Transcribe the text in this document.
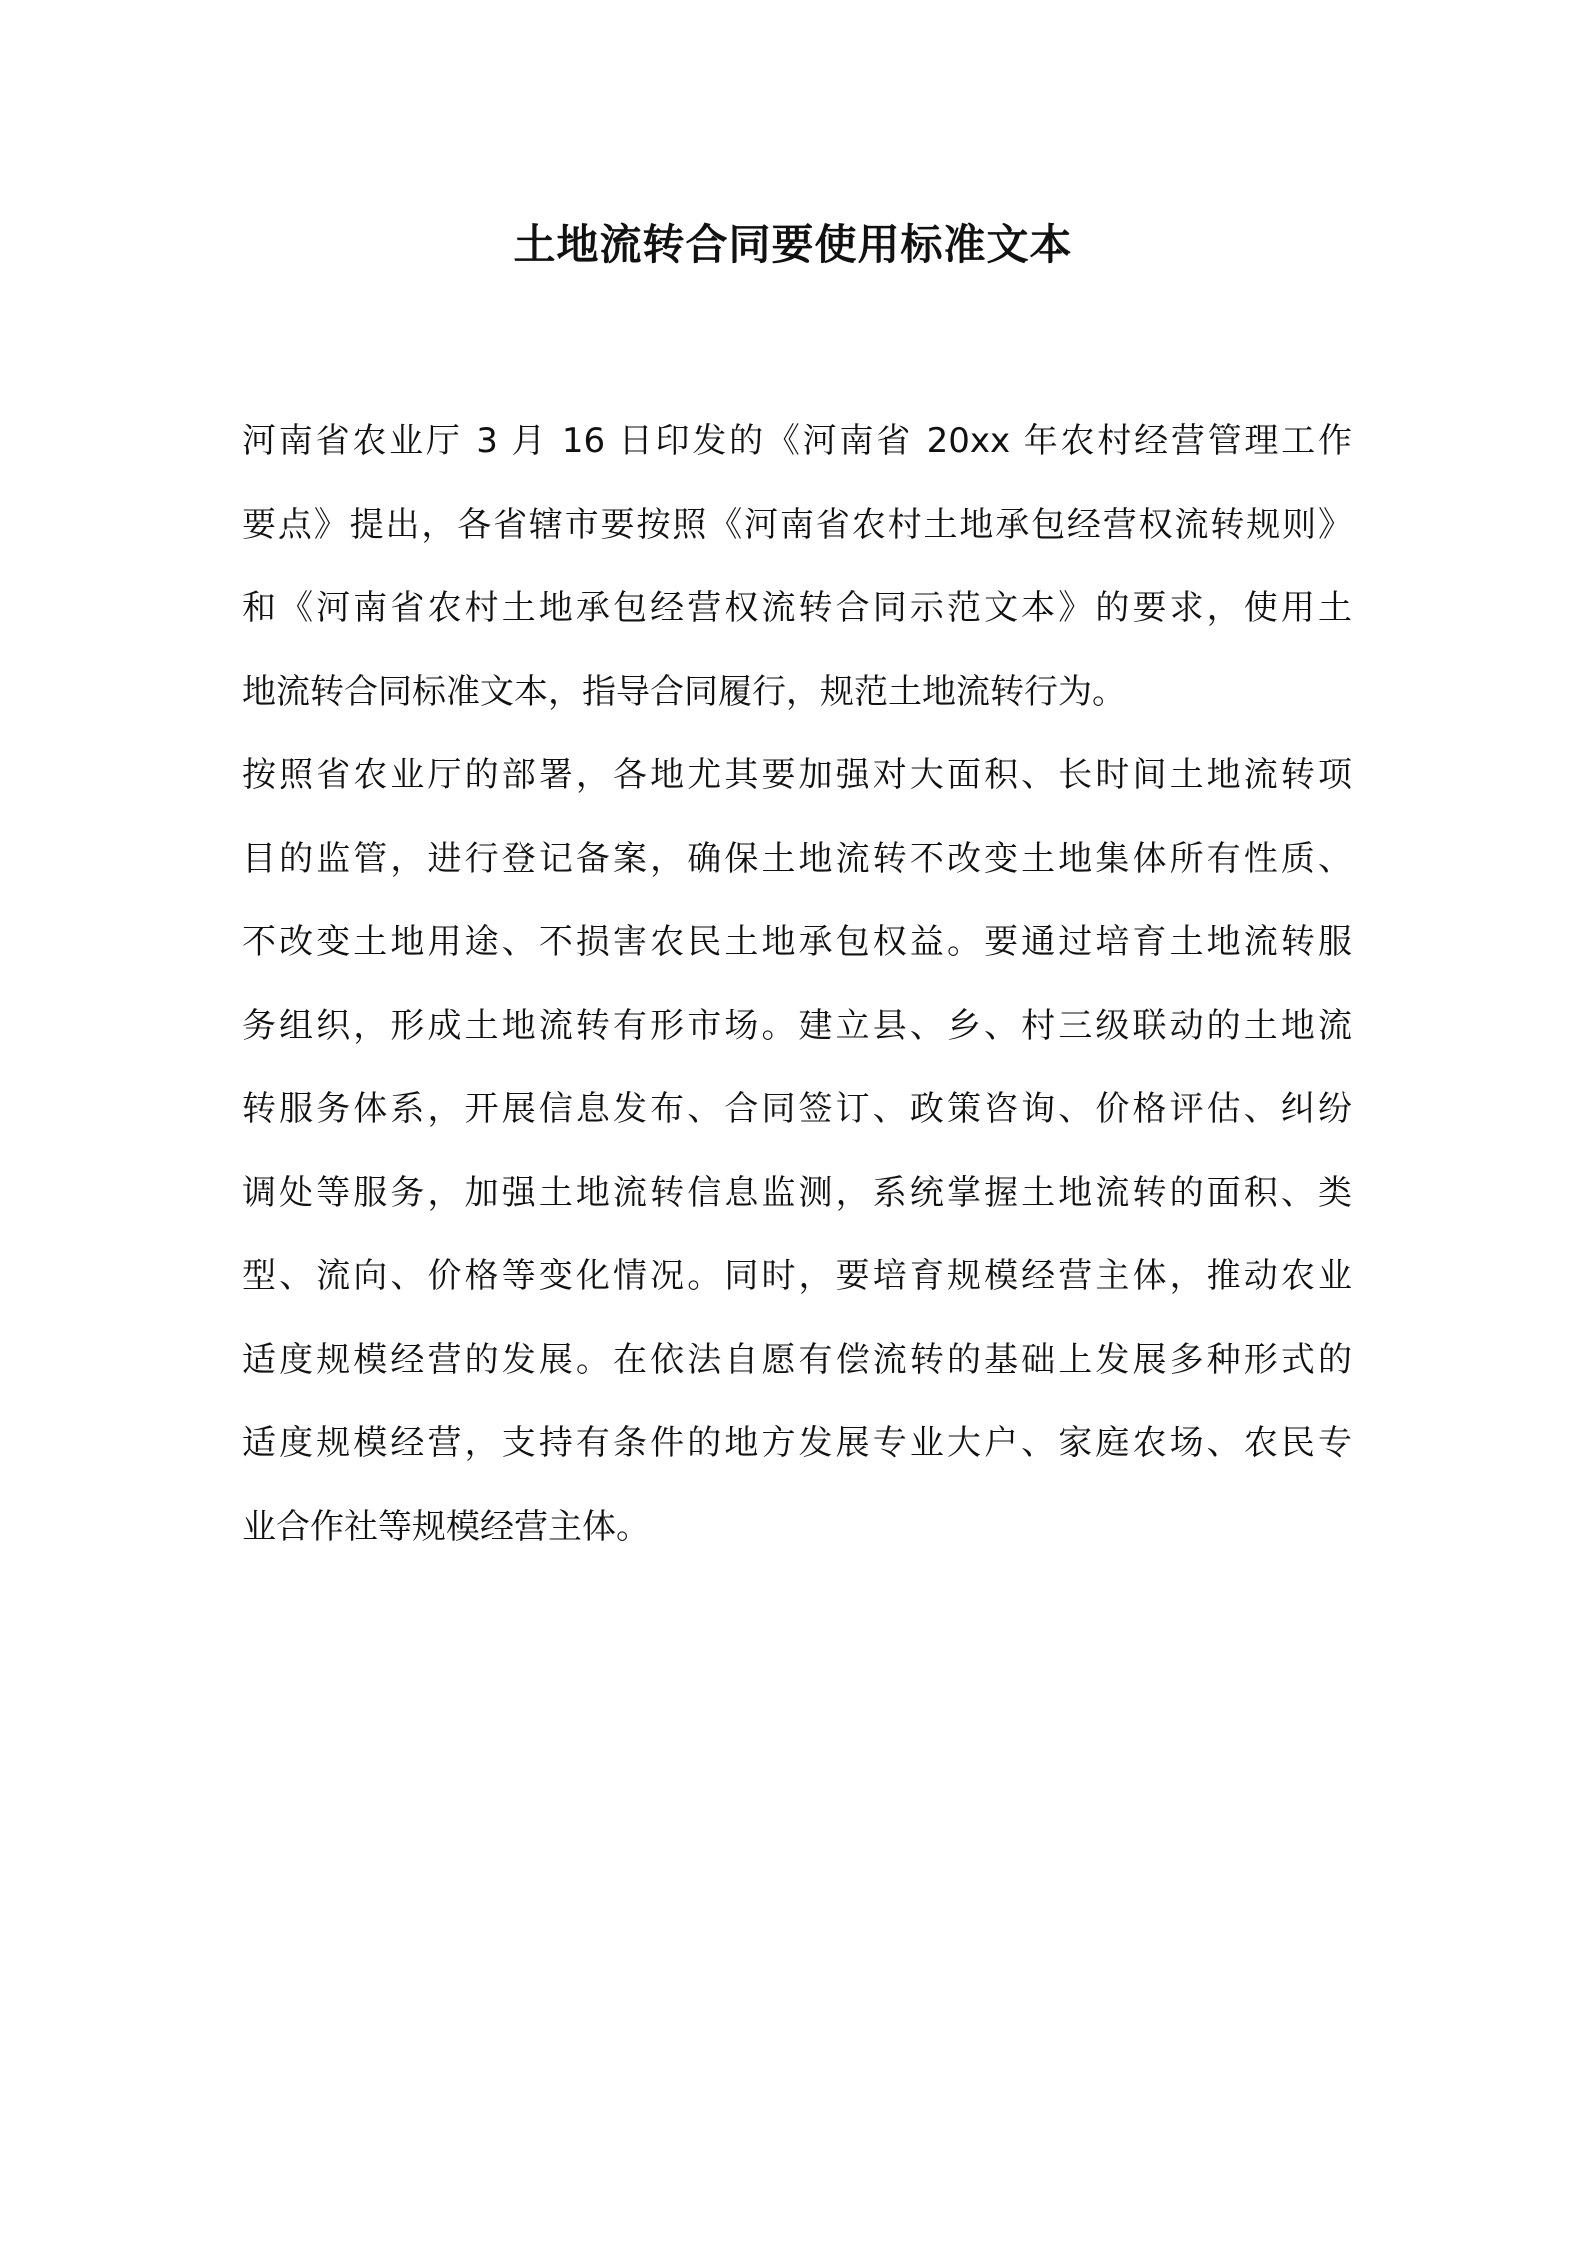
土地流转合同要使用标准文本
河南省农业厅 3 月 16 日印发的《河南省 20xx 年农村经营管理工作
要点》提出，各省辖市要按照《河南省农村土地承包经营权流转规则》
和《河南省农村土地承包经营权流转合同示范文本》的要求，使用土
地流转合同标准文本，指导合同履行，规范土地流转行为。
按照省农业厅的部署，各地尤其要加强对大面积、长时间土地流转项
目的监管，进行登记备案，确保土地流转不改变土地集体所有性质、
不改变土地用途、不损害农民土地承包权益。要通过培育土地流转服
务组织，形成土地流转有形市场。建立县、乡、村三级联动的土地流
转服务体系，开展信息发布、合同签订、政策咨询、价格评估、纠纷
调处等服务，加强土地流转信息监测，系统掌握土地流转的面积、类
型、流向、价格等变化情况。同时，要培育规模经营主体，推动农业
适度规模经营的发展。在依法自愿有偿流转的基础上发展多种形式的
适度规模经营，支持有条件的地方发展专业大户、家庭农场、农民专
业合作社等规模经营主体。
